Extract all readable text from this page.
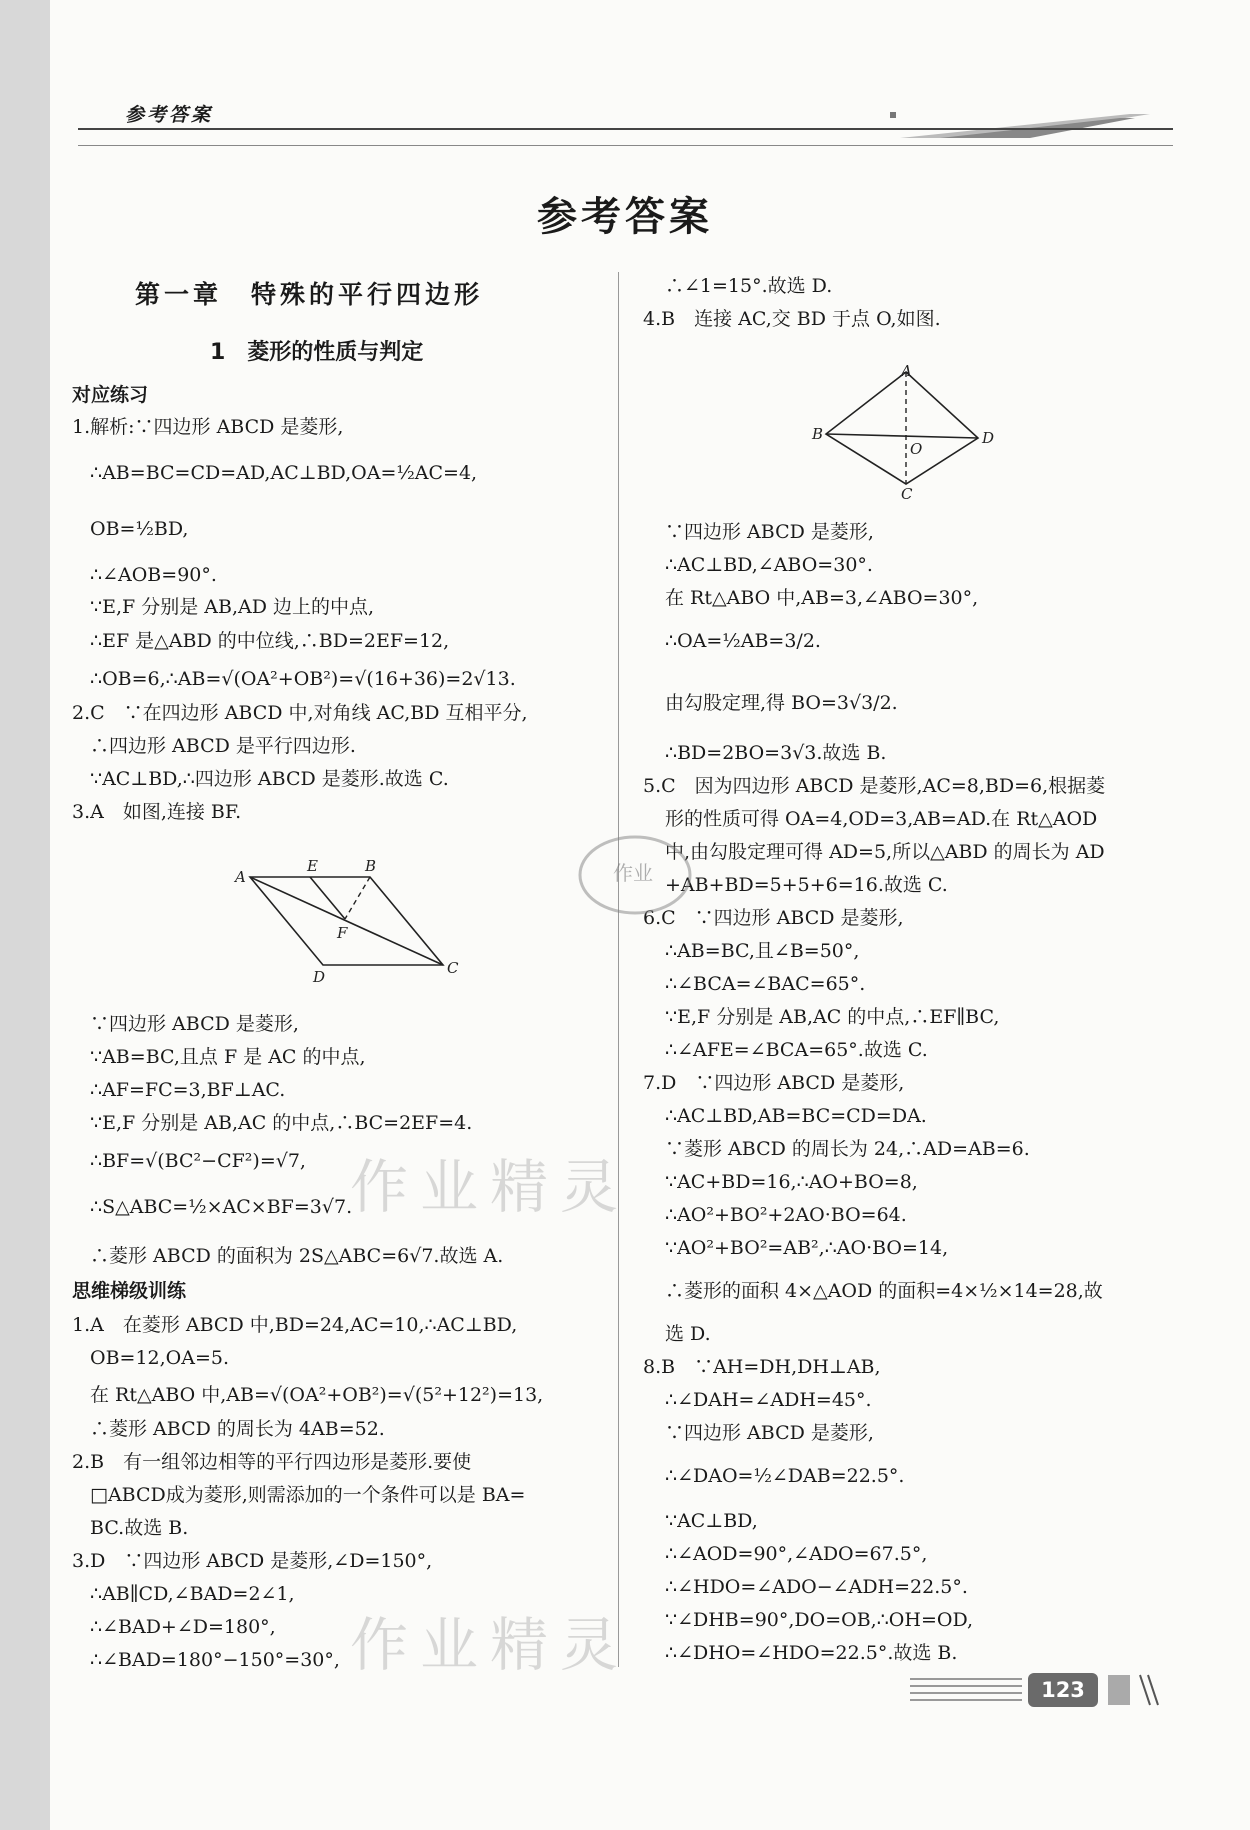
参考答案
参考答案
第一章　特殊的平行四边形
1　菱形的性质与判定
对应练习
1.解析:∵四边形 ABCD 是菱形,
∴AB=BC=CD=AD,AC⊥BD,OA=½AC=4,
OB=½BD,
∴∠AOB=90°.
∵E,F 分别是 AB,AD 边上的中点,
∴EF 是△ABD 的中位线,∴BD=2EF=12,
∴OB=6,∴AB=√(OA²+OB²)=√(16+36)=2√13.
2.C　∵在四边形 ABCD 中,对角线 AC,BD 互相平分,
∴四边形 ABCD 是平行四边形.
∵AC⊥BD,∴四边形 ABCD 是菱形.故选 C.
3.A　如图,连接 BF.
A
E	B
F
D	C
∵四边形 ABCD 是菱形,
∵AB=BC,且点 F 是 AC 的中点,
∴AF=FC=3,BF⊥AC.
∵E,F 分别是 AB,AC 的中点,∴BC=2EF=4.
∴BF=√(BC²−CF²)=√7,
∴S△ABC=½×AC×BF=3√7.
∴菱形 ABCD 的面积为 2S△ABC=6√7.故选 A.
思维梯级训练
1.A　在菱形 ABCD 中,BD=24,AC=10,∴AC⊥BD,
OB=12,OA=5.
在 Rt△ABO 中,AB=√(OA²+OB²)=√(5²+12²)=13,
∴菱形 ABCD 的周长为 4AB=52.
2.B　有一组邻边相等的平行四边形是菱形.要使
□ABCD成为菱形,则需添加的一个条件可以是 BA=
BC.故选 B.
3.D　∵四边形 ABCD 是菱形,∠D=150°,
∴AB∥CD,∠BAD=2∠1,
∴∠BAD+∠D=180°,
∴∠BAD=180°−150°=30°,
∴∠1=15°.故选 D.
4.B　连接 AC,交 BD 于点 O,如图.
A
B
O
D
C
∵四边形 ABCD 是菱形,
∴AC⊥BD,∠ABO=30°.
在 Rt△ABO 中,AB=3,∠ABO=30°,
∴OA=½AB=3/2.
由勾股定理,得 BO=3√3/2.
∴BD=2BO=3√3.故选 B.
5.C　因为四边形 ABCD 是菱形,AC=8,BD=6,根据菱
形的性质可得 OA=4,OD=3,AB=AD.在 Rt△AOD
中,由勾股定理可得 AD=5,所以△ABD 的周长为 AD
+AB+BD=5+5+6=16.故选 C.
6.C　∵四边形 ABCD 是菱形,
∴AB=BC,且∠B=50°,
∴∠BCA=∠BAC=65°.
∵E,F 分别是 AB,AC 的中点,∴EF∥BC,
∴∠AFE=∠BCA=65°.故选 C.
7.D　∵四边形 ABCD 是菱形,
∴AC⊥BD,AB=BC=CD=DA.
∵菱形 ABCD 的周长为 24,∴AD=AB=6.
∵AC+BD=16,∴AO+BO=8,
∴AO²+BO²+2AO·BO=64.
∵AO²+BO²=AB²,∴AO·BO=14,
∴菱形的面积 4×△AOD 的面积=4×½×14=28,故
选 D.
8.B　∵AH=DH,DH⊥AB,
∴∠DAH=∠ADH=45°.
∵四边形 ABCD 是菱形,
∴∠DAO=½∠DAB=22.5°.
∵AC⊥BD,
∴∠AOD=90°,∠ADO=67.5°,
∴∠HDO=∠ADO−∠ADH=22.5°.
∵∠DHB=90°,DO=OB,∴OH=OD,
∴∠DHO=∠HDO=22.5°.故选 B.
作业精灵
作业精灵
作业
123
